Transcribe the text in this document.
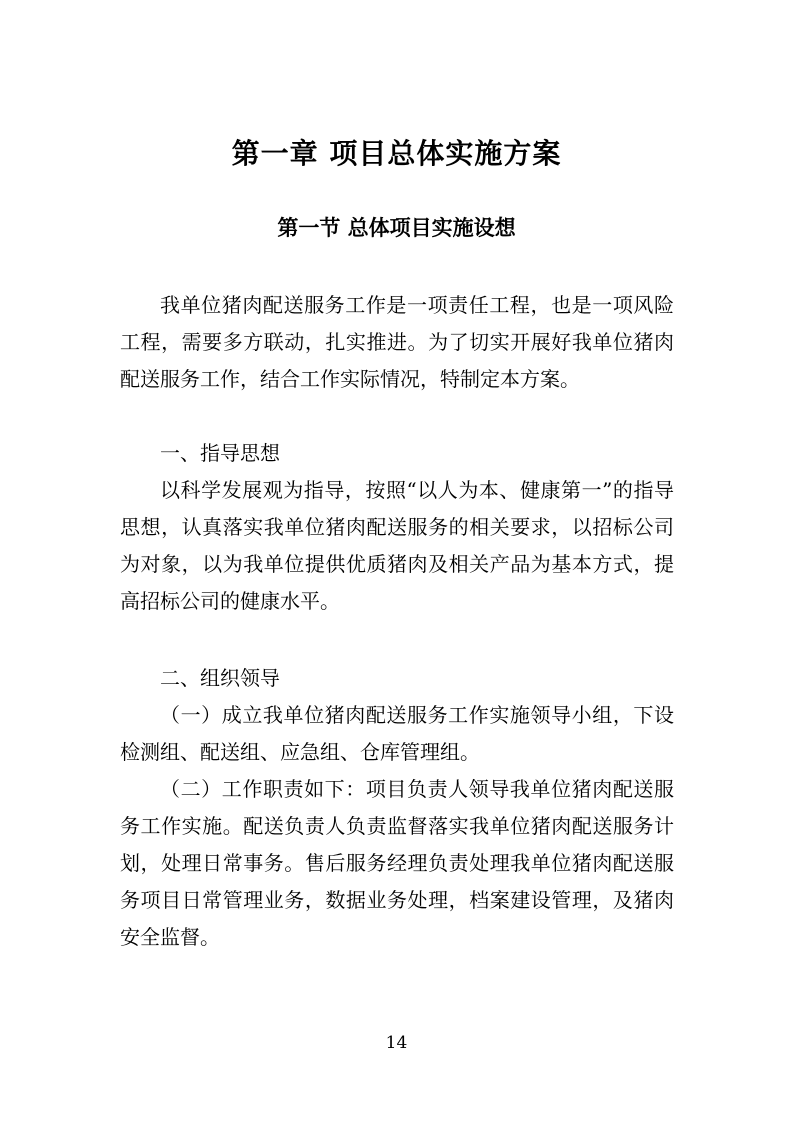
第一章 项目总体实施方案
第一节 总体项目实施设想

我单位猪肉配送服务工作是一项责任工程，也是一项风险工程，需要多方联动，扎实推进。为了切实开展好我单位猪肉配送服务工作，结合工作实际情况，特制定本方案。

一、指导思想

以科学发展观为指导，按照“以人为本、健康第一”的指导思想，认真落实我单位猪肉配送服务的相关要求，以招标公司为对象，以为我单位提供优质猪肉及相关产品为基本方式，提高招标公司的健康水平。

二、组织领导

（一）成立我单位猪肉配送服务工作实施领导小组，下设检测组、配送组、应急组、仓库管理组。

（二）工作职责如下：项目负责人领导我单位猪肉配送服务工作实施。配送负责人负责监督落实我单位猪肉配送服务计划，处理日常事务。售后服务经理负责处理我单位猪肉配送服务项目日常管理业务，数据业务处理，档案建设管理，及猪肉安全监督。

14
